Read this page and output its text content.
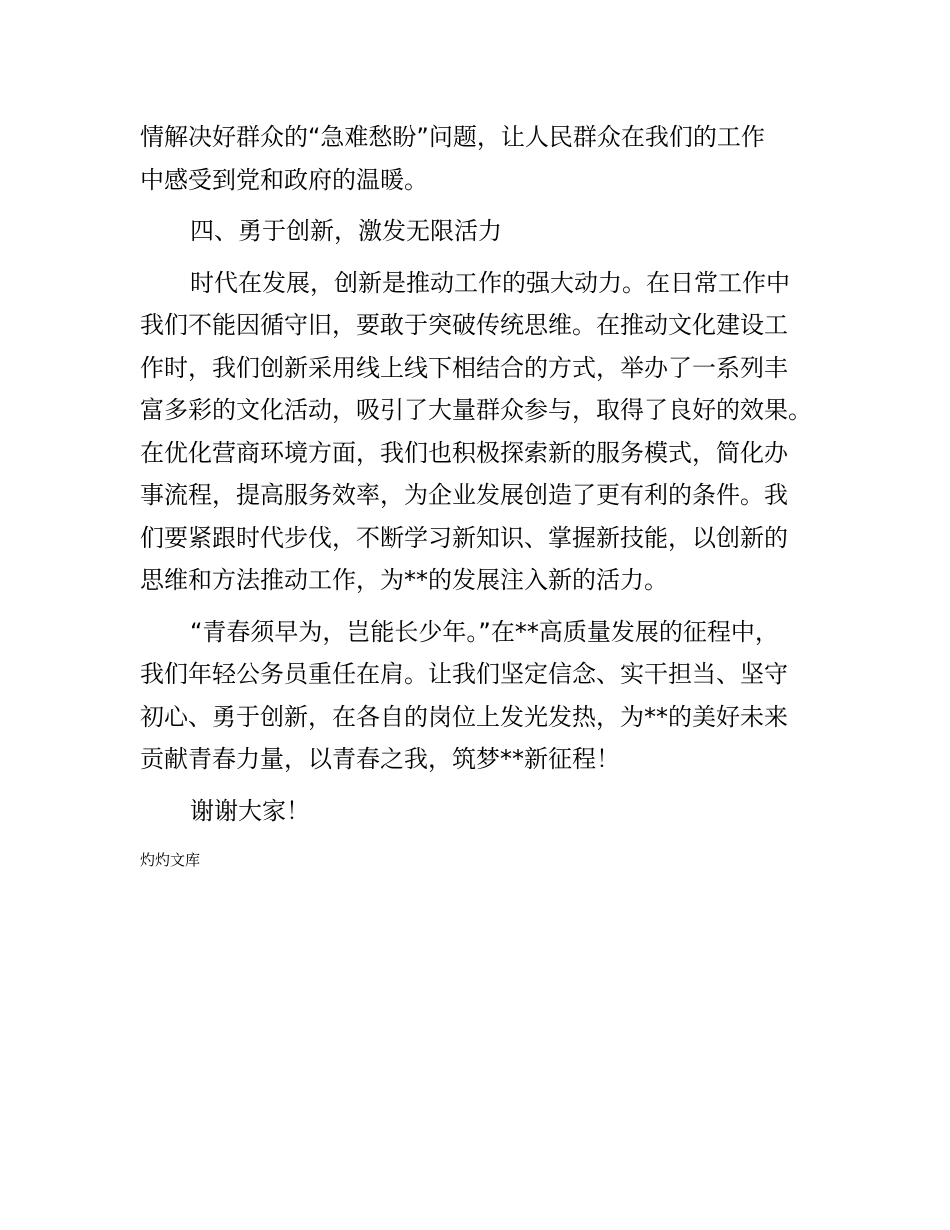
情解决好群众的“急难愁盼”问题，让人民群众在我们的工作
中感受到党和政府的温暖。

四、勇于创新，激发无限活力

时代在发展，创新是推动工作的强大动力。在日常工作中
我们不能因循守旧，要敢于突破传统思维。在推动文化建设工
作时，我们创新采用线上线下相结合的方式，举办了一系列丰
富多彩的文化活动，吸引了大量群众参与，取得了良好的效果。
在优化营商环境方面，我们也积极探索新的服务模式，简化办
事流程，提高服务效率，为企业发展创造了更有利的条件。我
们要紧跟时代步伐，不断学习新知识、掌握新技能，以创新的
思维和方法推动工作，为**的发展注入新的活力。

“青春须早为，岂能长少年。”在**高质量发展的征程中，
我们年轻公务员重任在肩。让我们坚定信念、实干担当、坚守
初心、勇于创新，在各自的岗位上发光发热，为**的美好未来
贡献青春力量，以青春之我，筑梦**新征程！

谢谢大家！

灼灼文库
